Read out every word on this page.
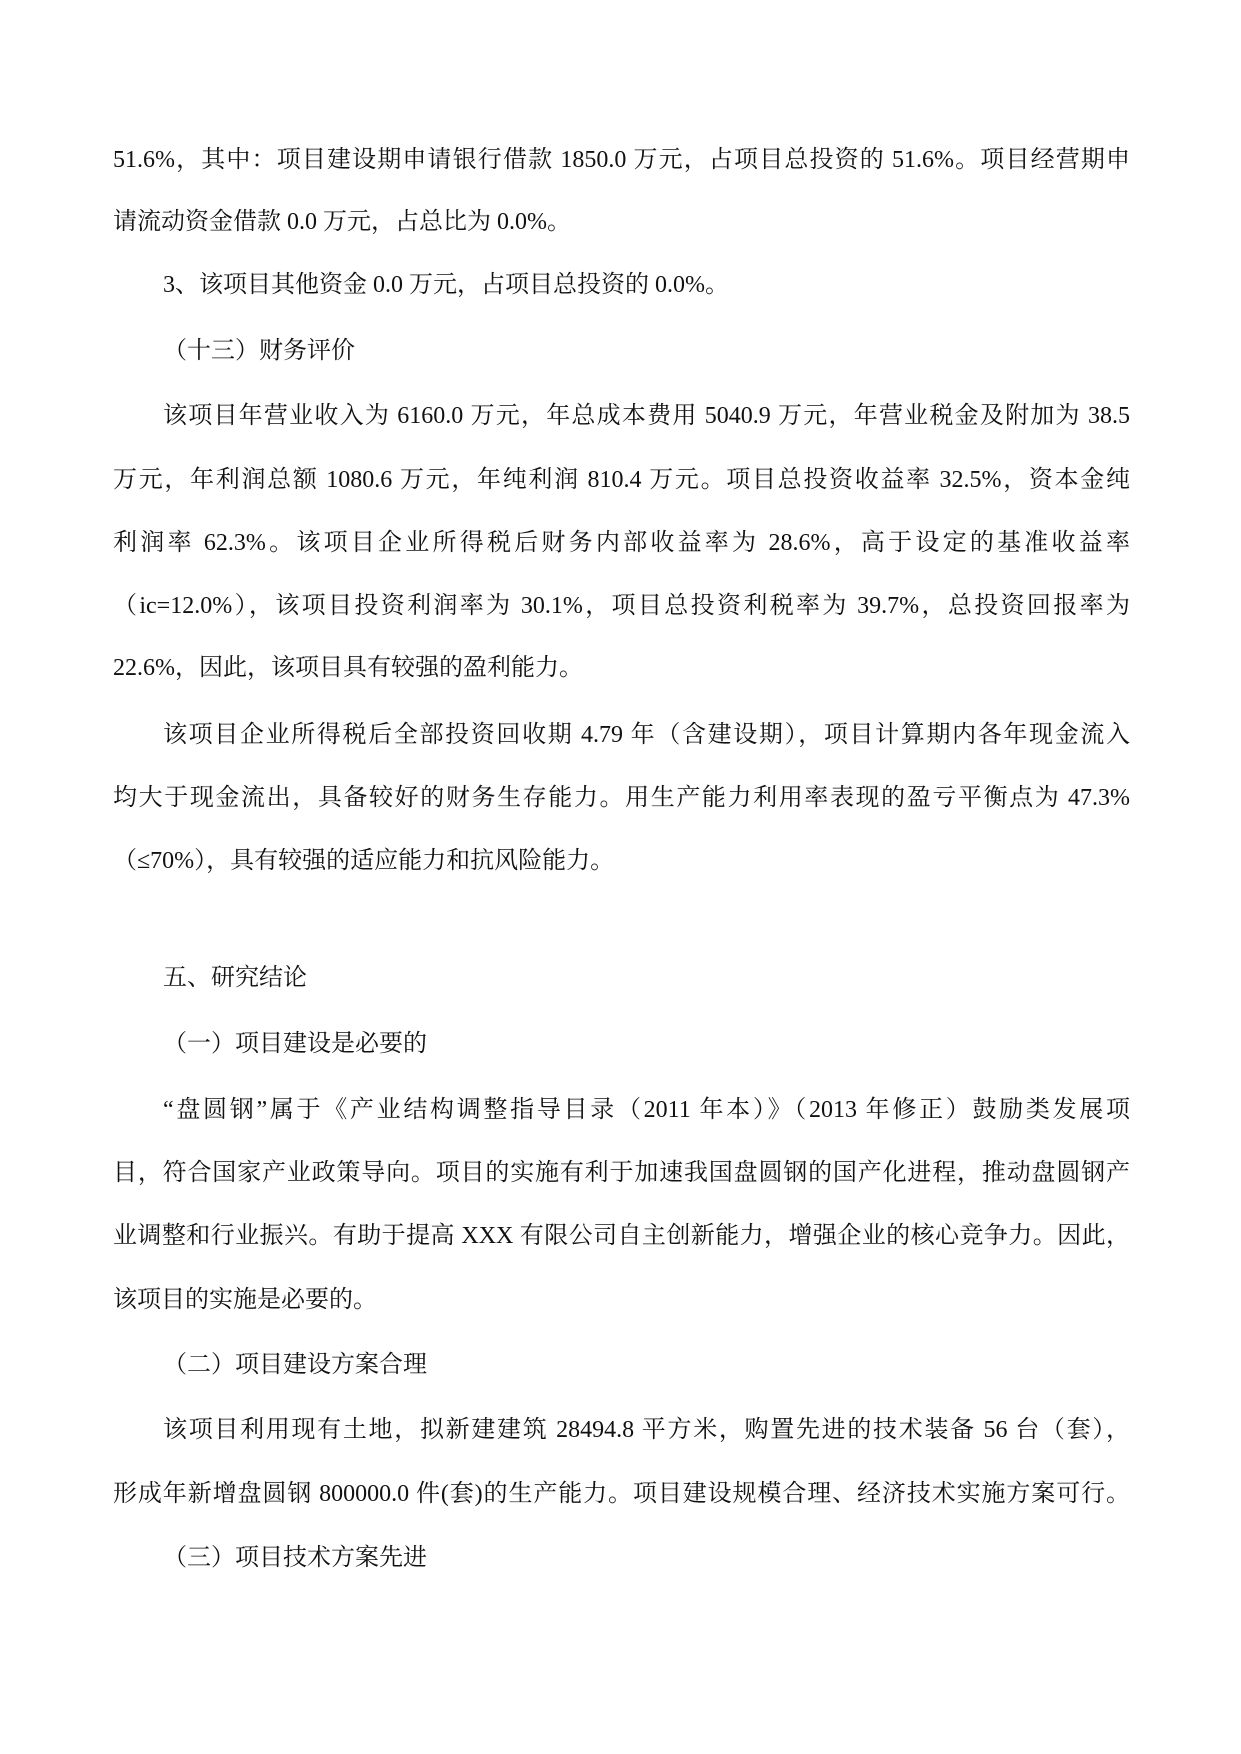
51.6%，其中：项目建设期申请银行借款 1850.0 万元，占项目总投资的 51.6%。项目经营期申
请流动资金借款 0.0 万元，占总比为 0.0%。
3、该项目其他资金 0.0 万元，占项目总投资的 0.0%。
（十三）财务评价
该项目年营业收入为 6160.0 万元，年总成本费用 5040.9 万元，年营业税金及附加为 38.5
万元，年利润总额 1080.6 万元，年纯利润 810.4 万元。项目总投资收益率 32.5%，资本金纯
利润率 62.3%。该项目企业所得税后财务内部收益率为 28.6%，高于设定的基准收益率
（ic=12.0%），该项目投资利润率为 30.1%，项目总投资利税率为 39.7%，总投资回报率为
22.6%，因此，该项目具有较强的盈利能力。
该项目企业所得税后全部投资回收期 4.79 年（含建设期），项目计算期内各年现金流入
均大于现金流出，具备较好的财务生存能力。用生产能力利用率表现的盈亏平衡点为 47.3%
（≤70%），具有较强的适应能力和抗风险能力。
五、研究结论
（一）项目建设是必要的
“盘圆钢”属于《产业结构调整指导目录（2011 年本）》（2013 年修正）鼓励类发展项
目，符合国家产业政策导向。项目的实施有利于加速我国盘圆钢的国产化进程，推动盘圆钢产
业调整和行业振兴。有助于提高 XXX 有限公司自主创新能力，增强企业的核心竞争力。因此，
该项目的实施是必要的。
（二）项目建设方案合理
该项目利用现有土地，拟新建建筑 28494.8 平方米，购置先进的技术装备 56 台（套），
形成年新增盘圆钢 800000.0 件(套)的生产能力。项目建设规模合理、经济技术实施方案可行。
（三）项目技术方案先进
